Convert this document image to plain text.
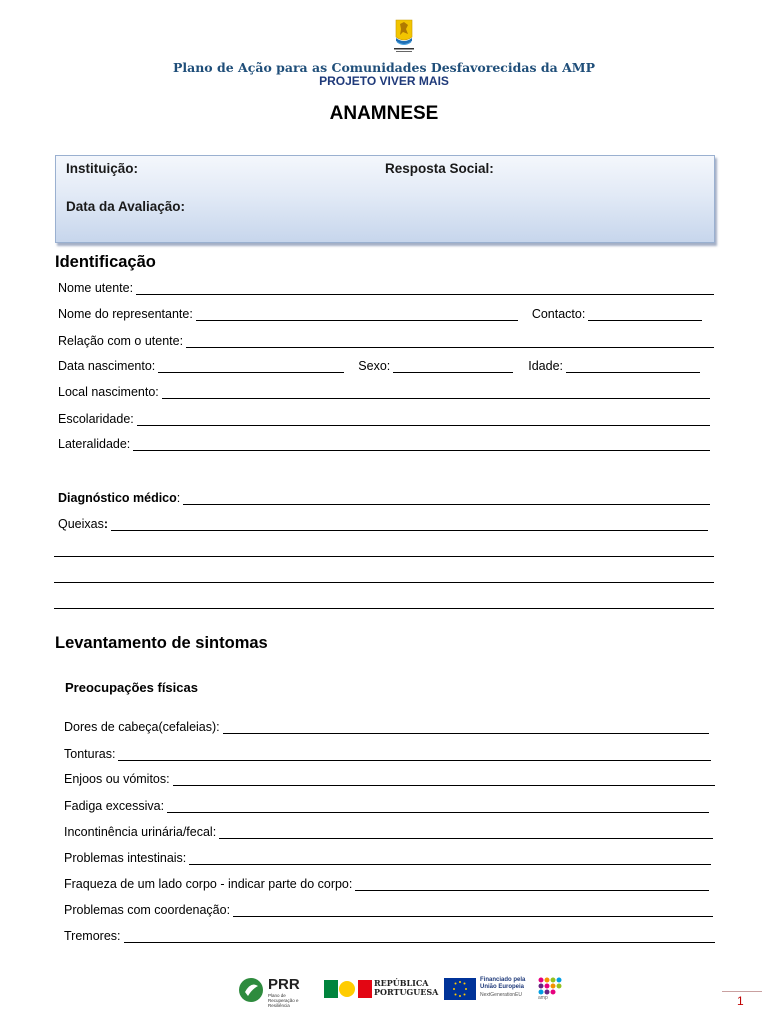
Plano de Ação para as Comunidades Desfavorecidas da AMP
PROJETO VIVER MAIS
ANAMNESE
Instituição:	Resposta Social:
Data da Avaliação:
Identificação
Nome utente:
Nome do representante:	Contacto:
Relação com o utente:
Data nascimento:	Sexo:	Idade:
Local nascimento:
Escolaridade:
Lateralidade:
Diagnóstico médico :
Queixas :
Levantamento de sintomas
Preocupações físicas
Dores de cabeça(cefaleias):
Tonturas:
Enjoos ou vómitos:
Fadiga excessiva:
Incontinência urinária/fecal:
Problemas intestinais:
Fraqueza de um lado corpo - indicar parte do corpo:
Problemas com coordenação:
Tremores:
PRR
Plano de Recuperação e Resiliência
REPÚBLICA PORTUGUESA
Financiado pela União Europeia
NextGenerationEU	amp	1
